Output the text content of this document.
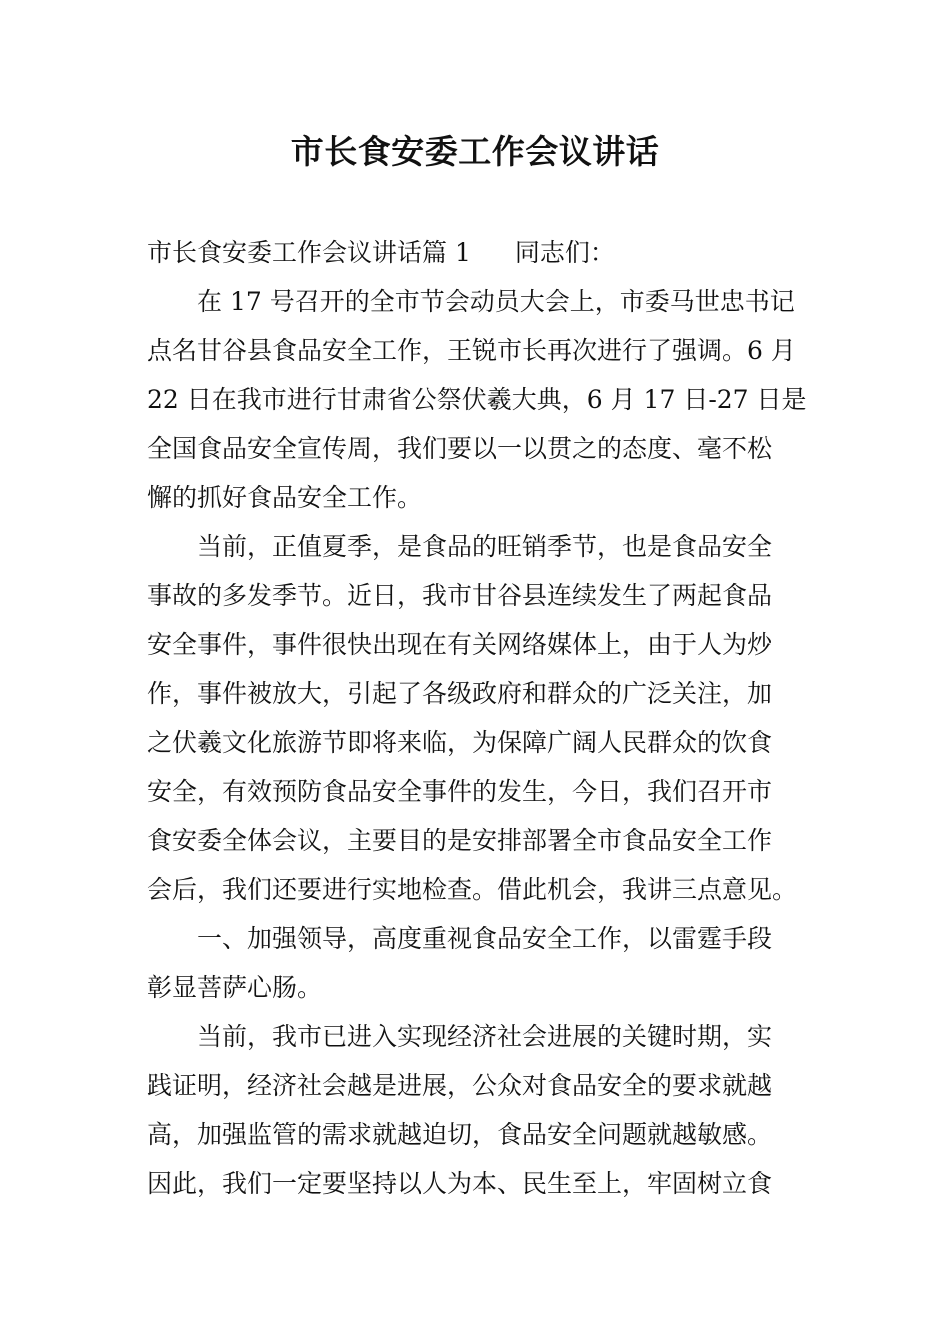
市长食安委工作会议讲话
市长食安委工作会议讲话篇 1 同志们：
在 17 号召开的全市节会动员大会上，市委马世忠书记
点名甘谷县食品安全工作，王锐市长再次进行了强调。6 月
22 日在我市进行甘肃省公祭伏羲大典，6 月 17 日-27 日是
全国食品安全宣传周，我们要以一以贯之的态度、毫不松
懈的抓好食品安全工作。
当前，正值夏季，是食品的旺销季节，也是食品安全
事故的多发季节。近日，我市甘谷县连续发生了两起食品
安全事件，事件很快出现在有关网络媒体上，由于人为炒
作，事件被放大，引起了各级政府和群众的广泛关注，加
之伏羲文化旅游节即将来临，为保障广阔人民群众的饮食
安全，有效预防食品安全事件的发生，今日，我们召开市
食安委全体会议，主要目的是安排部署全市食品安全工作
会后，我们还要进行实地检查。借此机会，我讲三点意见。
一、加强领导，高度重视食品安全工作，以雷霆手段
彰显菩萨心肠。
当前，我市已进入实现经济社会进展的关键时期，实
践证明，经济社会越是进展，公众对食品安全的要求就越
高，加强监管的需求就越迫切，食品安全问题就越敏感。
因此，我们一定要坚持以人为本、民生至上，牢固树立食
